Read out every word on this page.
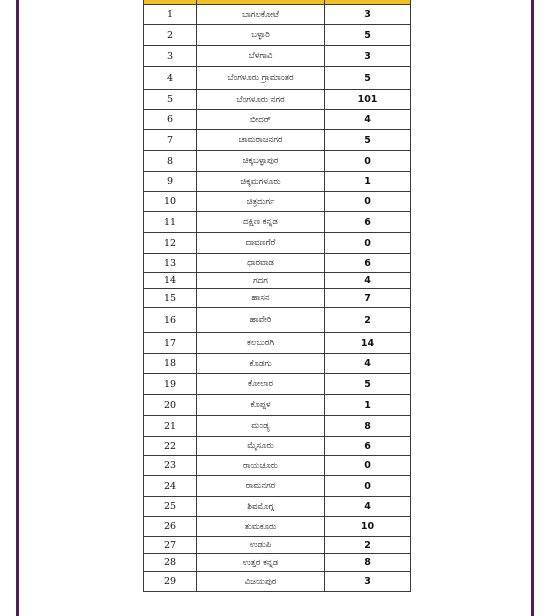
1	ಬಾಗಲಕೋಟೆ	3
2	ಬಳ್ಳಾರಿ	5
3	ಬೆಳಗಾವಿ	3
4	ಬೆಂಗಳೂರು ಗ್ರಾಮಾಂತರ	5
5	ಬೆಂಗಳೂರು ನಗರ	101
6	ಬೀದರ್	4
7	ಚಾಮರಾಜನಗರ	5
8	ಚಿಕ್ಕಬಳ್ಳಾಪುರ	0
9	ಚಿಕ್ಕಮಗಳೂರು	1
10	ಚಿತ್ರದುರ್ಗ	0
11	ದಕ್ಷಿಣ ಕನ್ನಡ	6
12	ದಾವಣಗೆರೆ	0
13	ಧಾರವಾಡ	6
14	ಗದಗ	4
15	ಹಾಸನ	7
16	ಹಾವೇರಿ	2
17	ಕಲಬುರಗಿ	14
18	ಕೊಡಗು	4
19	ಕೋಲಾರ	5
20	ಕೊಪ್ಪಳ	1
21	ಮಂಡ್ಯ	8
22	ಮೈಸೂರು	6
23	ರಾಯಚೂರು	0
24	ರಾಮನಗರ	0
25	ಶಿವಮೊಗ್ಗ	4
26	ತುಮಕೂರು	10
27	ಉಡುಪಿ	2
28	ಉತ್ತರ ಕನ್ನಡ	8
29	ವಿಜಯಪುರ	3
